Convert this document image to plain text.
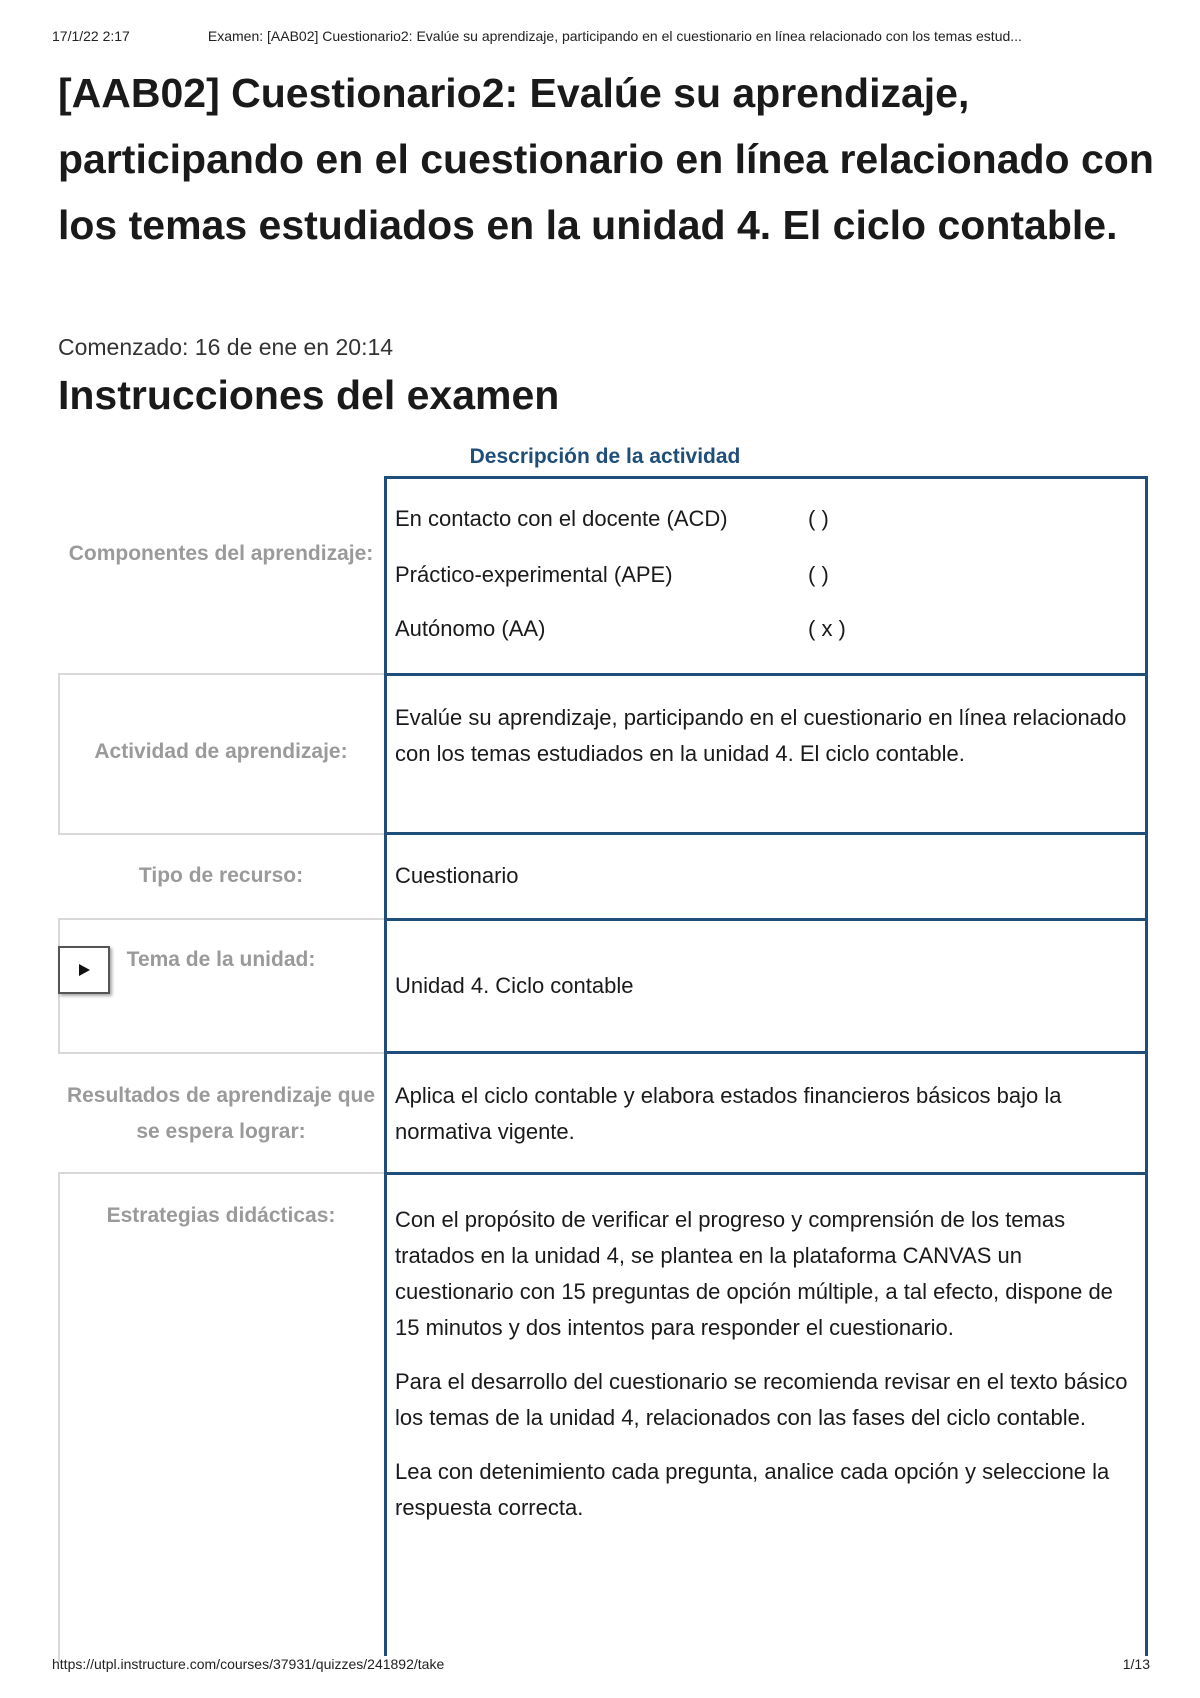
17/1/22 2:17	Examen: [AAB02] Cuestionario2: Evalúe su aprendizaje, participando en el cuestionario en línea relacionado con los temas estud...
[AAB02] Cuestionario2: Evalúe su aprendizaje, participando en el cuestionario en línea relacionado con los temas estudiados en la unidad 4. El ciclo contable.
Comenzado: 16 de ene en 20:14
Instrucciones del examen
Descripción de la actividad
Componentes del aprendizaje:
En contacto con el docente (ACD)	( )
Práctico-experimental (APE)	( )
Autónomo (AA)	( x )
Actividad de aprendizaje:
Evalúe su aprendizaje, participando en el cuestionario en línea relacionado con los temas estudiados en la unidad 4. El ciclo contable.
Tipo de recurso:	Cuestionario
Tema de la unidad:
Unidad 4. Ciclo contable
Resultados de aprendizaje que se espera lograr:
Aplica el ciclo contable y elabora estados financieros básicos bajo la normativa vigente.
Estrategias didácticas:	Con el propósito de verificar el progreso y comprensión de los temas tratados en la unidad 4, se plantea en la plataforma CANVAS un cuestionario con 15 preguntas de opción múltiple, a tal efecto, dispone de 15 minutos y dos intentos para responder el cuestionario.

Para el desarrollo del cuestionario se recomienda revisar en el texto básico los temas de la unidad 4, relacionados con las fases del ciclo contable.

Lea con detenimiento cada pregunta, analice cada opción y seleccione la respuesta correcta.

https://utpl.instructure.com/courses/37931/quizzes/241892/take	1/13
